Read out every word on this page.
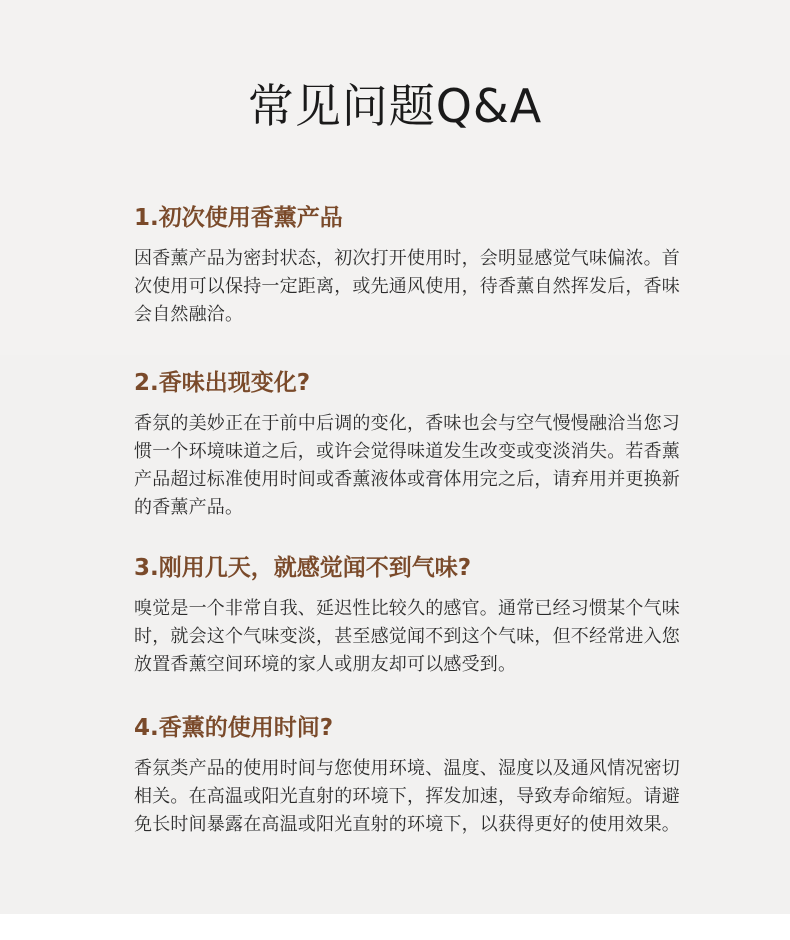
常见问题Q&A
1.初次使用香薰产品

因香薰产品为密封状态，初次打开使用时，会明显感觉气味偏浓。首次使用可以保持一定距离，或先通风使用，待香薰自然挥发后，香味会自然融洽。

2.香味出现变化?

香氛的美妙正在于前中后调的变化，香味也会与空气慢慢融洽当您习惯一个环境味道之后，或许会觉得味道发生改变或变淡消失。若香薰产品超过标准使用时间或香薰液体或膏体用完之后，请弃用并更换新的香薰产品。

3.刚用几天，就感觉闻不到气味?

嗅觉是一个非常自我、延迟性比较久的感官。通常已经习惯某个气味时，就会这个气味变淡，甚至感觉闻不到这个气味，但不经常进入您放置香薰空间环境的家人或朋友却可以感受到。

4.香薰的使用时间?

香氛类产品的使用时间与您使用环境、温度、湿度以及通风情况密切相关。在高温或阳光直射的环境下，挥发加速，导致寿命缩短。请避免长时间暴露在高温或阳光直射的环境下，以获得更好的使用效果。
